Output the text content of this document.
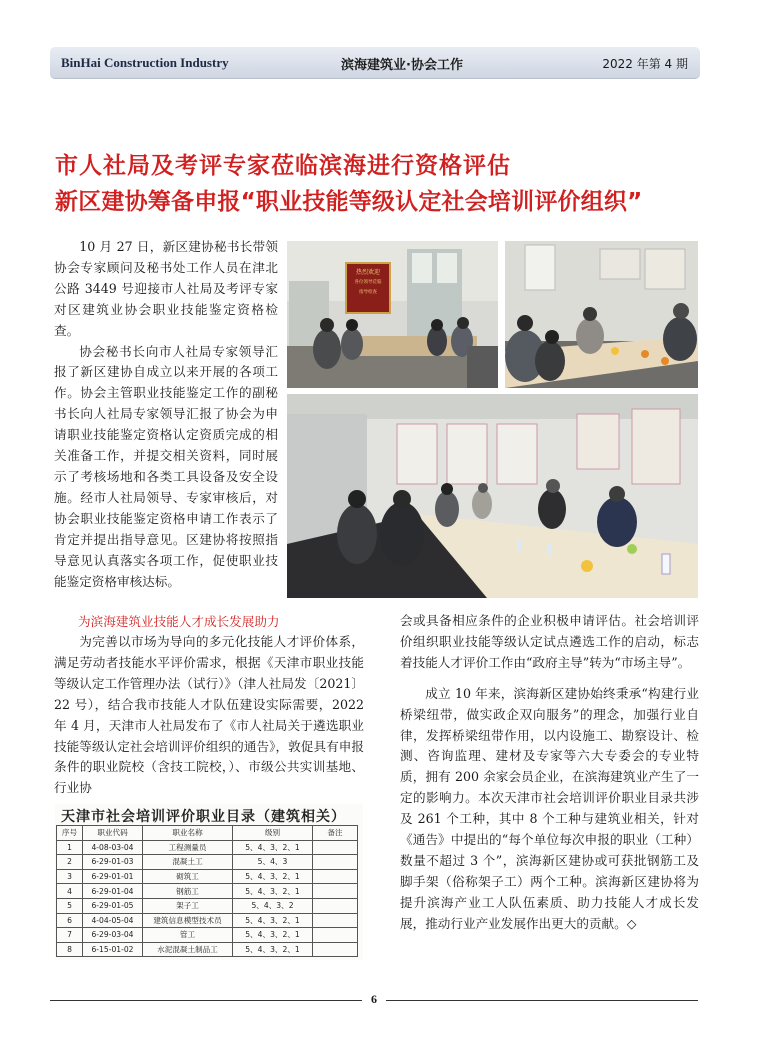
BinHai Construction Industry	滨海建筑业·协会工作	2022 年第 4 期
市人社局及考评专家莅临滨海进行资格评估
新区建协筹备申报“职业技能等级认定社会培训评价组织”

10 月 27 日，新区建协秘书长带领协会专家顾问及秘书处工作人员在津北公路 3449 号迎接市人社局及考评专家对区建筑业协会职业技能鉴定资格检查。

协会秘书长向市人社局专家领导汇报了新区建协自成立以来开展的各项工作。协会主管职业技能鉴定工作的副秘书长向人社局专家领导汇报了协会为申请职业技能鉴定资格认定资质完成的相关准备工作，并提交相关资料，同时展示了考核场地和各类工具设备及安全设施。经市人社局领导、专家审核后，对协会职业技能鉴定资格申请工作表示了肯定并提出指导意见。区建协将按照指导意见认真落实各项工作，促使职业技能鉴定资格审核达标。

热烈欢迎
各位领导莅临
指导检查
为滨海建筑业技能人才成长发展助力

为完善以市场为导向的多元化技能人才评价体系，满足劳动者技能水平评价需求，根据《天津市职业技能等级认定工作管理办法（试行）》（津人社局发〔2021〕22 号），结合我市技能人才队伍建设实际需要，2022 年 4 月，天津市人社局发布了《市人社局关于遴选职业技能等级认定社会培训评价组织的通告》，敦促具有申报条件的职业院校（含技工院校，）、市级公共实训基地、行业协

天津市社会培训评价职业目录（建筑相关）
序号	职业代码	职业名称	级别	备注
1	4-08-03-04	工程测量员	5、4、3、2、1	
2	6-29-01-03	混凝土工	5、4、3	
3	6-29-01-01	砌筑工	5、4、3、2、1	
4	6-29-01-04	钢筋工	5、4、3、2、1	
5	6-29-01-05	架子工	5、4、3、2	
6	4-04-05-04	建筑信息模型技术员	5、4、3、2、1	
7	6-29-03-04	管工	5、4、3、2、1	
8	6-15-01-02	水泥混凝土制品工	5、4、3、2、1	

会或具备相应条件的企业积极申请评估。社会培训评价组织职业技能等级认定试点遴选工作的启动，标志着技能人才评价工作由“政府主导”转为“市场主导”。

成立 10 年来，滨海新区建协始终秉承“构建行业桥梁纽带，做实政企双向服务”的理念，加强行业自律，发挥桥梁纽带作用，以内设施工、勘察设计、检测、咨询监理、建材及专家等六大专委会的专业特质，拥有 200 余家会员企业，在滨海建筑业产生了一定的影响力。本次天津市社会培训评价职业目录共涉及 261 个工种，其中 8 个工种与建筑业相关，针对《通告》中提出的“每个单位每次申报的职业（工种）数量不超过 3 个”，滨海新区建协或可获批钢筋工及脚手架（俗称架子工）两个工种。滨海新区建协将为提升滨海产业工人队伍素质、助力技能人才成长发展，推动行业产业发展作出更大的贡献。◇

6
